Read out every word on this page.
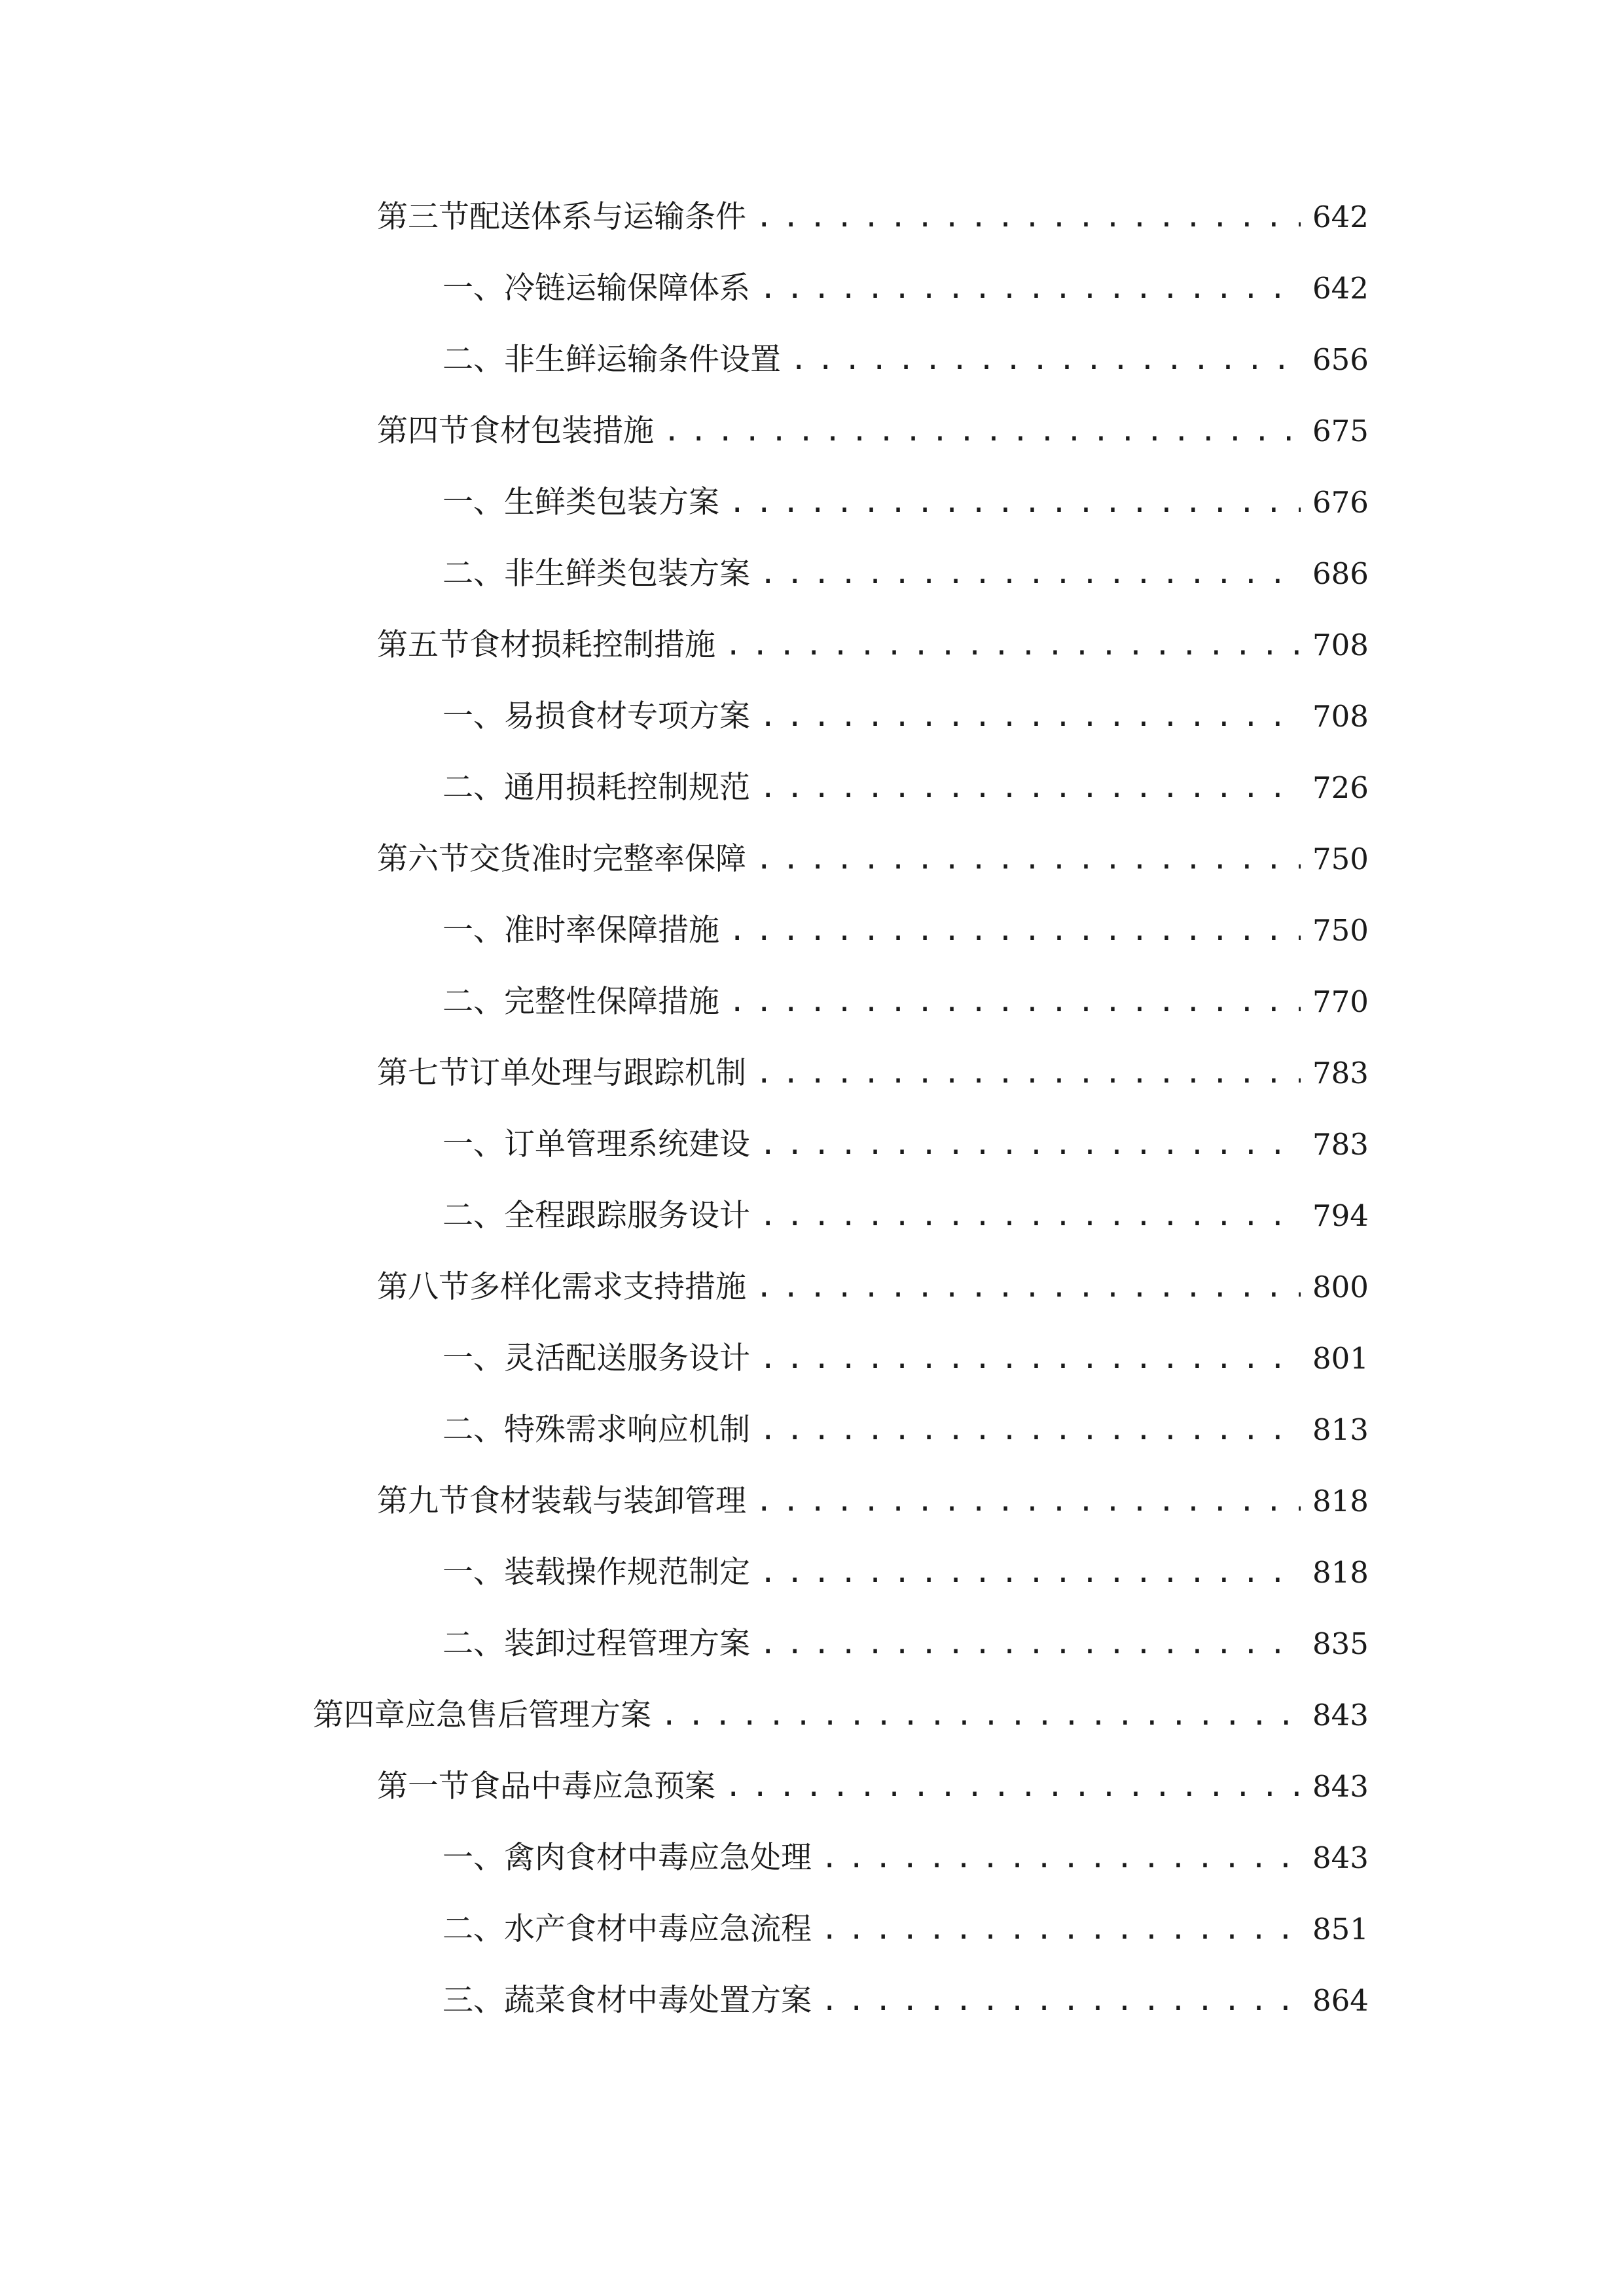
第三节 配送体系与运输条件 . . .	642
一、 冷链运输保障体系 . . .	642
二、 非生鲜运输条件设置 . . .	656
第四节 食材包装措施 . . .	675
一、 生鲜类包装方案 . . .	676
二、 非生鲜类包装方案 . . .	686
第五节 食材损耗控制措施 . . .	708
一、 易损食材专项方案 . . .	708
二、 通用损耗控制规范 . . .	726
第六节 交货准时完整率保障 . . .	750
一、 准时率保障措施 . . .	750
二、 完整性保障措施 . . .	770
第七节 订单处理与跟踪机制 . . .	783
一、 订单管理系统建设 . . .	783
二、 全程跟踪服务设计 . . .	794
第八节 多样化需求支持措施 . . .	800
一、 灵活配送服务设计 . . .	801
二、 特殊需求响应机制 . . .	813
第九节 食材装载与装卸管理 . . .	818
一、 装载操作规范制定 . . .	818
二、 装卸过程管理方案 . . .	835
第四章 应急售后管理方案 . . .	843
第一节 食品中毒应急预案 . . .	843
一、 禽肉食材中毒应急处理 . . .	843
二、 水产食材中毒应急流程 . . .	851
三、 蔬菜食材中毒处置方案 . . .	864
